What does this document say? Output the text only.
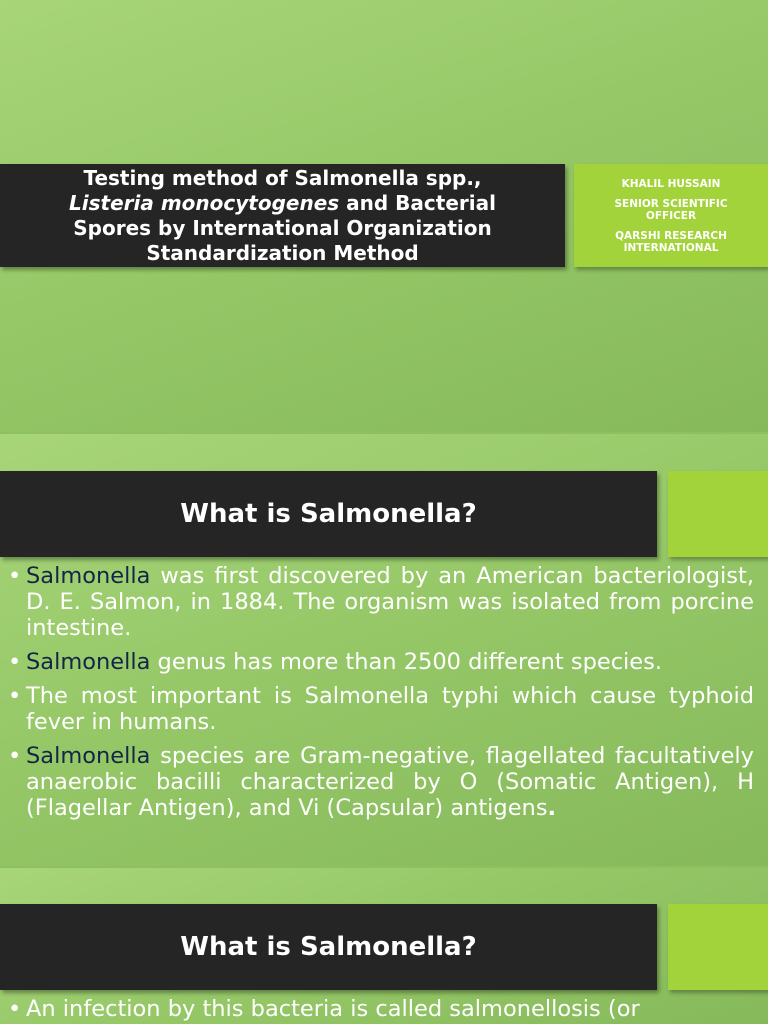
Testing method of Salmonella spp.,
Listeria monocytogenes and Bacterial
Spores by International Organization
Standardization Method
KHALIL HUSSAIN
SENIOR SCIENTIFIC OFFICER
QARSHI RESEARCH INTERNATIONAL
What is Salmonella?
• Salmonella was first discovered by an American bacteriologist, D. E. Salmon, in 1884. The organism was isolated from porcine intestine.
• Salmonella genus has more than 2500 different species.
• The most important is Salmonella typhi which cause typhoid fever in humans.
• Salmonella species are Gram-negative, flagellated facultatively anaerobic bacilli characterized by O (Somatic Antigen), H (Flagellar Antigen), and Vi (Capsular) antigens.
What is Salmonella?
• An infection by this bacteria is called salmonellosis (or
